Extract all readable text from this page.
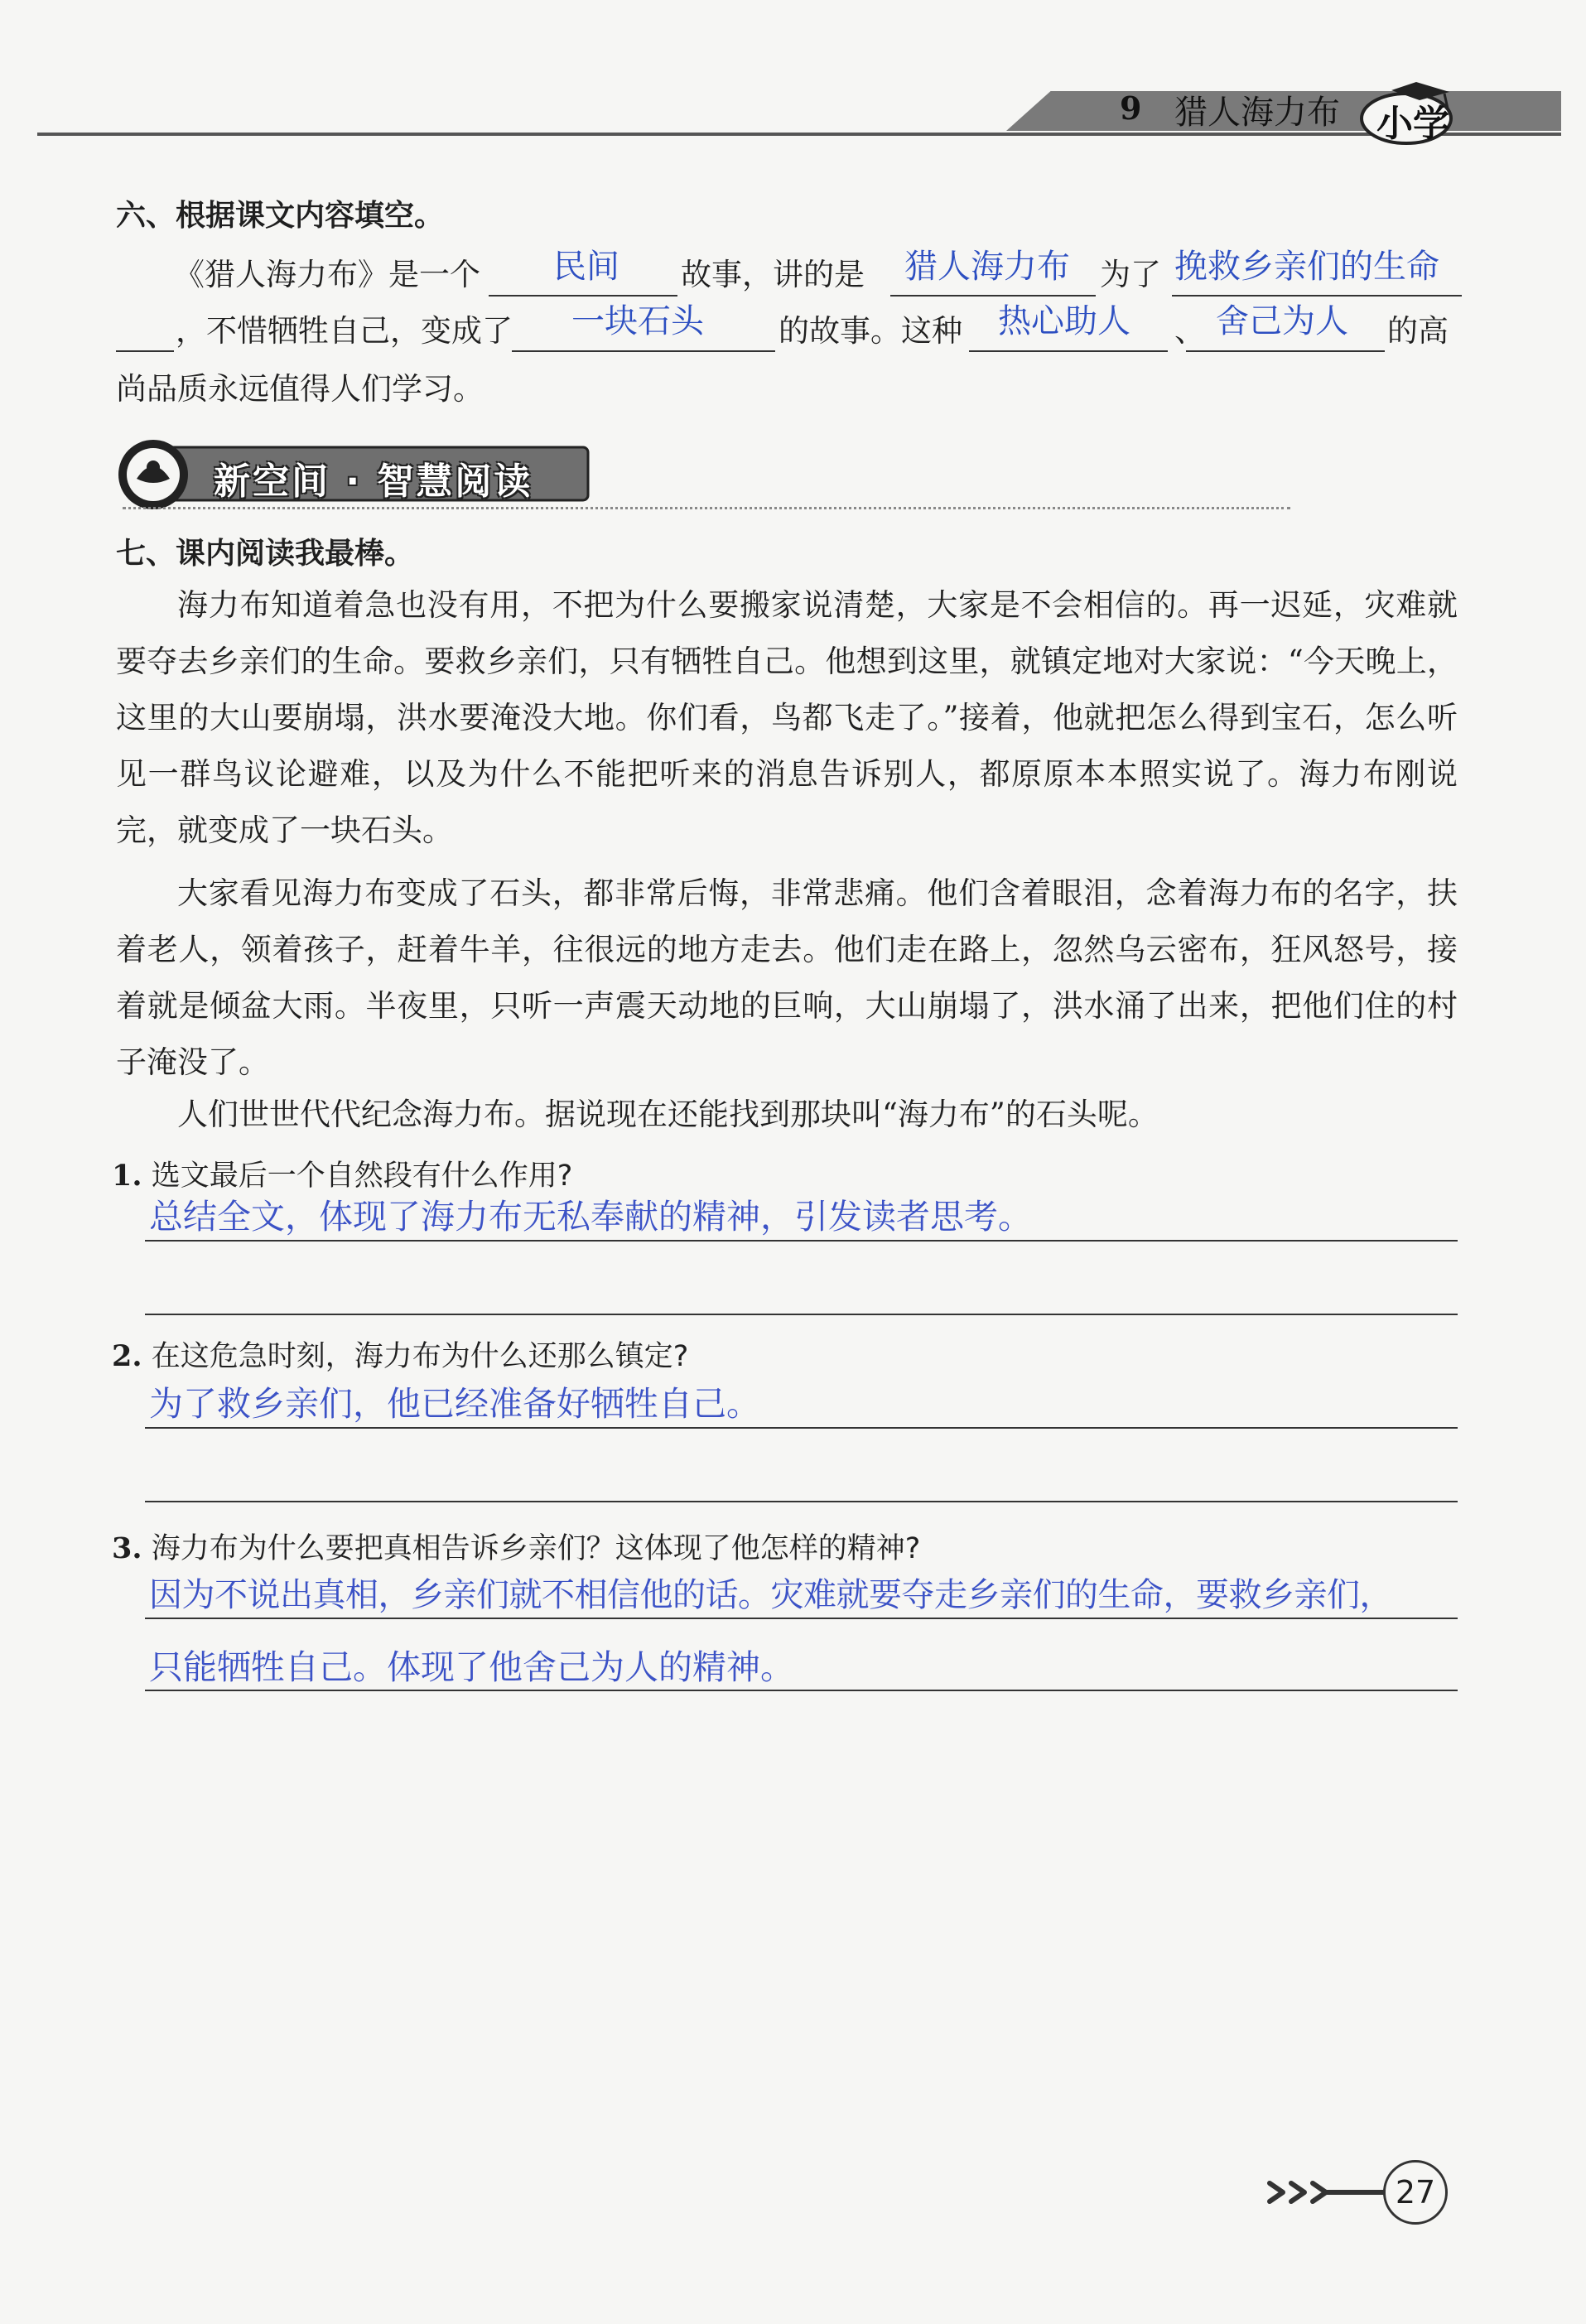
9 猎人海力布 小学
六、根据课文内容填空。
《猎人海力布》是一个 民间 故事，讲的是 猎人海力布 为了 挽救乡亲们的生命
，不惜牺牲自己，变成了 一块石头 的故事。这种 热心助人 、 舍己为人 的高
尚品质永远值得人们学习。
新空间 · 智慧阅读
七、课内阅读我最棒。
海力布知道着急也没有用，不把为什么要搬家说清楚，大家是不会相信的。再一迟延，灾难就要夺去乡亲们的生命。要救乡亲们，只有牺牲自己。他想到这里，就镇定地对大家说：“今天晚上，这里的大山要崩塌，洪水要淹没大地。你们看，鸟都飞走了。”接着，他就把怎么得到宝石，怎么听见一群鸟议论避难，以及为什么不能把听来的消息告诉别人，都原原本本照实说了。海力布刚说完，就变成了一块石头。
大家看见海力布变成了石头，都非常后悔，非常悲痛。他们含着眼泪，念着海力布的名字，扶着老人，领着孩子，赶着牛羊，往很远的地方走去。他们走在路上，忽然乌云密布，狂风怒号，接着就是倾盆大雨。半夜里，只听一声震天动地的巨响，大山崩塌了，洪水涌了出来，把他们住的村子淹没了。
人们世世代代纪念海力布。据说现在还能找到那块叫“海力布”的石头呢。
1. 选文最后一个自然段有什么作用?
总结全文，体现了海力布无私奉献的精神，引发读者思考。
2. 在这危急时刻，海力布为什么还那么镇定?
为了救乡亲们，他已经准备好牺牲自己。
3. 海力布为什么要把真相告诉乡亲们？这体现了他怎样的精神?
因为不说出真相，乡亲们就不相信他的话。灾难就要夺走乡亲们的生命，要救乡亲们，
只能牺牲自己。体现了他舍己为人的精神。
27
